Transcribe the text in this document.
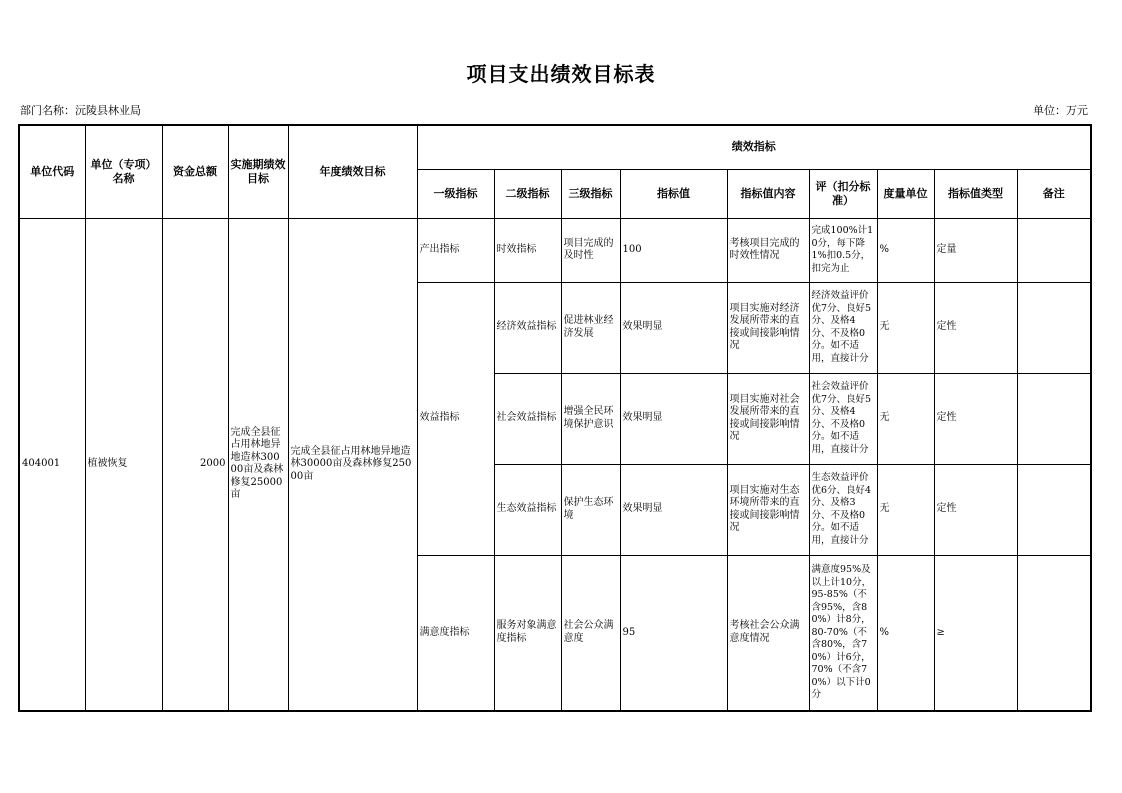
项目支出绩效目标表
部门名称：沅陵县林业局	单位：万元
单位代码	单位（专项）名称	资金总额	实施期绩效目标	年度绩效目标	绩效指标								
					一级指标	二级指标	三级指标	指标值	指标值内容	评（扣分标准）	度量单位	指标值类型	备注
404001	植被恢复	2000	完成全县征占用林地异地造林30000亩及森林修复25000亩	完成全县征占用林地异地造林30000亩及森林修复25000亩	产出指标	时效指标	项目完成的及时性	100	考核项目完成的时效性情况	完成100%计10分，每下降1%扣0.5分，扣完为止	%	定量	
					效益指标	经济效益指标	促进林业经济发展	效果明显	项目实施对经济发展所带来的直接或间接影响情况	经济效益评价优7分、良好5分、及格4分、不及格0分。如不适用，直接计分	无	定性	
						社会效益指标	增强全民环境保护意识	效果明显	项目实施对社会发展所带来的直接或间接影响情况	社会效益评价优7分、良好5分、及格4分、不及格0分。如不适用，直接计分	无	定性	
						生态效益指标	保护生态环境	效果明显	项目实施对生态环境所带来的直接或间接影响情况	生态效益评价优6分、良好4分、及格3分、不及格0分。如不适用，直接计分	无	定性	
					满意度指标	服务对象满意度指标	社会公众满意度	95	考核社会公众满意度情况	满意度95%及以上计10分，95-85%（不含95%，含80%）计8分，80-70%（不含80%，含70%）计6分，70%（不含70%）以下计0分	%	≥	
